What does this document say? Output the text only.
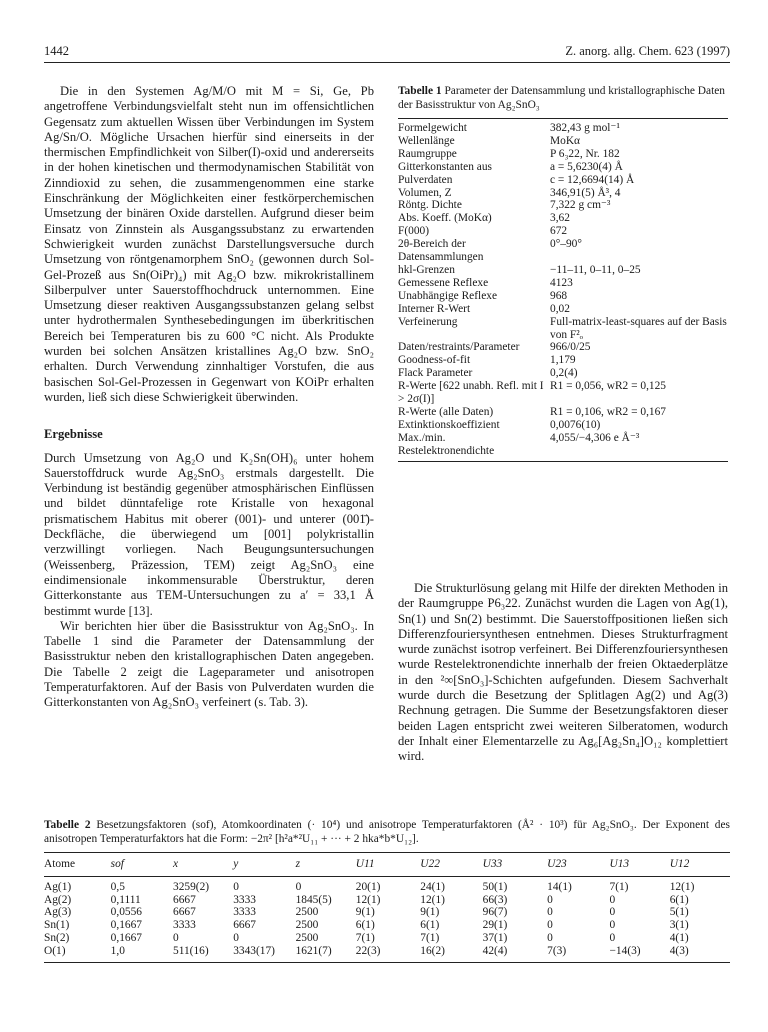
1442	Z. anorg. allg. Chem. 623 (1997)

Die in den Systemen Ag/M/O mit M = Si, Ge, Pb angetroffene Verbindungsvielfalt steht nun im offensichtlichen Gegensatz zum aktuellen Wissen über Verbindungen im System Ag/Sn/O. Mögliche Ursachen hierfür sind einerseits in der thermischen Empfindlichkeit von Silber(I)-oxid und andererseits in der hohen kinetischen und thermodynamischen Stabilität von Zinndioxid zu sehen, die zusammengenommen eine starke Einschränkung der Möglichkeiten einer festkörperchemischen Umsetzung der binären Oxide darstellen. Aufgrund dieser beim Einsatz von Zinnstein als Ausgangssubstanz zu erwartenden Schwierigkeit wurden zunächst Darstellungsversuche durch Umsetzung von röntgenamorphem SnO₂ (gewonnen durch Sol-Gel-Prozeß aus Sn(OiPr)₄) mit Ag₂O bzw. mikrokristallinem Silberpulver unter Sauerstoffhochdruck unternommen. Eine Umsetzung dieser reaktiven Ausgangssubstanzen gelang selbst unter hydrothermalen Synthesebedingungen im überkritischen Bereich bei Temperaturen bis zu 600 °C nicht. Als Produkte wurden bei solchen Ansätzen kristallines Ag₂O bzw. SnO₂ erhalten. Durch Verwendung zinnhaltiger Vorstufen, die aus basischen Sol-Gel-Prozessen in Gegenwart von KOiPr erhalten wurden, ließ sich diese Schwierigkeit überwinden.

Ergebnisse

Durch Umsetzung von Ag₂O und K₂Sn(OH)₆ unter hohem Sauerstoffdruck wurde Ag₂SnO₃ erstmals dargestellt. Die Verbindung ist beständig gegenüber atmosphärischen Einflüssen und bildet dünntafelige rote Kristalle von hexagonal prismatischem Habitus mit oberer (001)- und unterer (001̄)-Deckfläche, die überwiegend um [001] polykristallin verzwillingt vorliegen. Nach Beugungsuntersuchungen (Weissenberg, Präzession, TEM) zeigt Ag₂SnO₃ eine eindimensionale inkommensurable Überstruktur, deren Gitterkonstante aus TEM-Untersuchungen zu a′ = 33,1 Å bestimmt wurde [13].

Wir berichten hier über die Basisstruktur von Ag₂SnO₃. In Tabelle 1 sind die Parameter der Datensammlung der Basisstruktur neben den kristallographischen Daten angegeben. Die Tabelle 2 zeigt die Lageparameter und anisotropen Temperaturfaktoren. Auf der Basis von Pulverdaten wurden die Gitterkonstanten von Ag₂SnO₃ verfeinert (s. Tab. 3).

Tabelle 1 Parameter der Datensammlung und kristallographische Daten der Basisstruktur von Ag₂SnO₃
Formelgewicht	382,43 g mol⁻¹
Wellenlänge	MoKα
Raumgruppe	P 6₃22, Nr. 182
Gitterkonstanten aus	a = 5,6230(4) Å
Pulverdaten	c = 12,6694(14) Å
Volumen, Z	346,91(5) Å³, 4
Röntg. Dichte	7,322 g cm⁻³
Abs. Koeff. (MoKα)	3,62
F(000)	672
2θ-Bereich der Datensammlungen	0°–90°
hkl-Grenzen	−11–11, 0–11, 0–25
Gemessene Reflexe	4123
Unabhängige Reflexe	968
Interner R-Wert	0,02
Verfeinerung	Full-matrix-least-squares auf der Basis von F²ₒ
Daten/restraints/Parameter	966/0/25
Goodness-of-fit	1,179
Flack Parameter	0,2(4)
R-Werte [622 unabh. Refl. mit I > 2σ(I)]	R1 = 0,056, wR2 = 0,125
R-Werte (alle Daten)	R1 = 0,106, wR2 = 0,167
Extinktionskoeffizient	0,0076(10)
Max./min. Restelektronendichte	4,055/−4,306 e Å⁻³

Die Strukturlösung gelang mit Hilfe der direkten Methoden in der Raumgruppe P6₃22. Zunächst wurden die Lagen von Ag(1), Sn(1) und Sn(2) bestimmt. Die Sauerstoffpositionen ließen sich Differenzfouriersynthesen entnehmen. Dieses Strukturfragment wurde zunächst isotrop verfeinert. Bei Differenzfouriersynthesen wurde Restelektronendichte innerhalb der freien Oktaederplätze in den ²∞[SnO₃]-Schichten aufgefunden. Diesem Sachverhalt wurde durch die Besetzung der Splitlagen Ag(2) und Ag(3) Rechnung getragen. Die Summe der Besetzungsfaktoren dieser beiden Lagen entspricht zwei weiteren Silberatomen, wodurch der Inhalt einer Elementarzelle zu Ag₆[Ag₂Sn₄]O₁₂ komplettiert wird.

Tabelle 2 Besetzungsfaktoren (sof), Atomkoordinaten (· 10⁴) und anisotrope Temperaturfaktoren (Å² · 10³) für Ag₂SnO₃. Der Exponent des anisotropen Temperaturfaktors hat die Form: −2π² [h²a*²U₁₁ + ··· + 2 hka*b*U₁₂].
Atome	sof	x	y	z	U11	U22	U33	U23	U13	U12
Ag(1)	0,5	3259(2)	0	0	20(1)	24(1)	50(1)	14(1)	7(1)	12(1)
Ag(2)	0,1111	6667	3333	1845(5)	12(1)	12(1)	66(3)	0	0	6(1)
Ag(3)	0,0556	6667	3333	2500	9(1)	9(1)	96(7)	0	0	5(1)
Sn(1)	0,1667	3333	6667	2500	6(1)	6(1)	29(1)	0	0	3(1)
Sn(2)	0,1667	0	0	2500	7(1)	7(1)	37(1)	0	0	4(1)
O(1)	1,0	511(16)	3343(17)	1621(7)	22(3)	16(2)	42(4)	7(3)	−14(3)	4(3)
